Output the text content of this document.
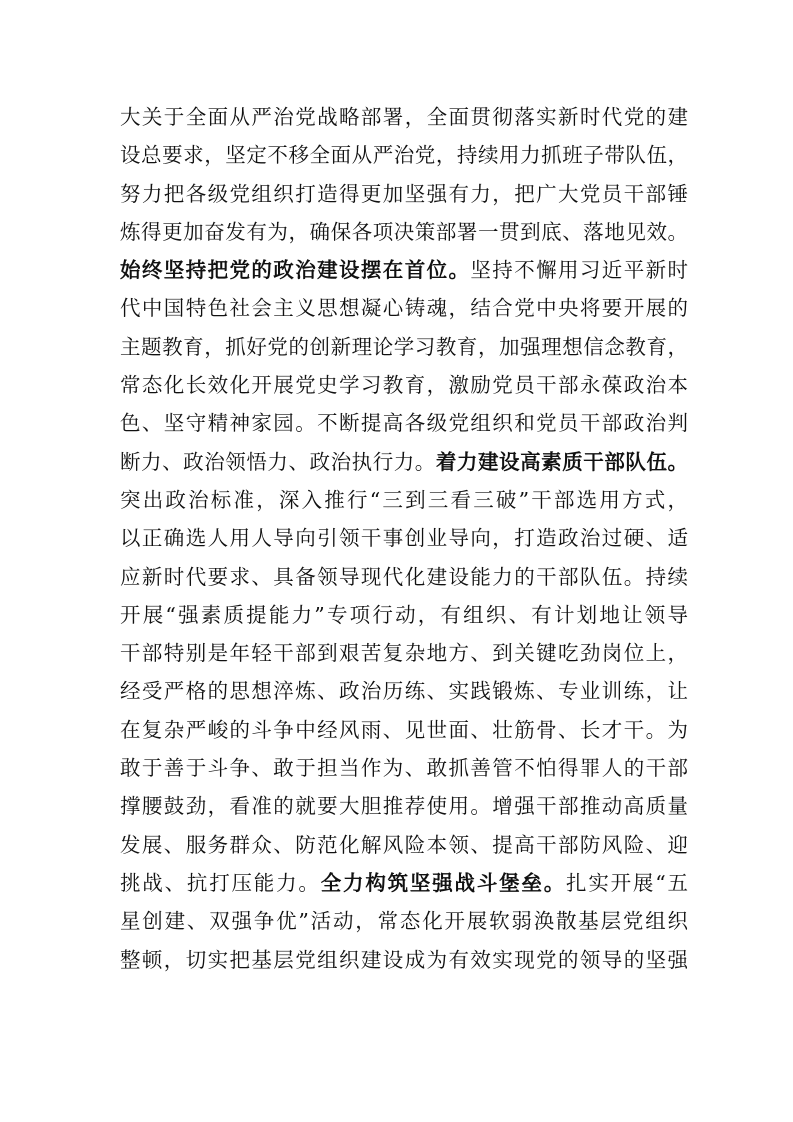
大关于全面从严治党战略部署，全面贯彻落实新时代党的建
设总要求，坚定不移全面从严治党，持续用力抓班子带队伍，
努力把各级党组织打造得更加坚强有力，把广大党员干部锤
炼得更加奋发有为，确保各项决策部署一贯到底、落地见效。
始终坚持把党的政治建设摆在首位。坚持不懈用习近平新时
代中国特色社会主义思想凝心铸魂，结合党中央将要开展的
主题教育，抓好党的创新理论学习教育，加强理想信念教育，
常态化长效化开展党史学习教育，激励党员干部永葆政治本
色、坚守精神家园。不断提高各级党组织和党员干部政治判
断力、政治领悟力、政治执行力。着力建设高素质干部队伍。
突出政治标准，深入推行“三到三看三破”干部选用方式，
以正确选人用人导向引领干事创业导向，打造政治过硬、适
应新时代要求、具备领导现代化建设能力的干部队伍。持续
开展“强素质提能力”专项行动，有组织、有计划地让领导
干部特别是年轻干部到艰苦复杂地方、到关键吃劲岗位上，
经受严格的思想淬炼、政治历练、实践锻炼、专业训练，让
在复杂严峻的斗争中经风雨、见世面、壮筋骨、长才干。为
敢于善于斗争、敢于担当作为、敢抓善管不怕得罪人的干部
撑腰鼓劲，看准的就要大胆推荐使用。增强干部推动高质量
发展、服务群众、防范化解风险本领、提高干部防风险、迎
挑战、抗打压能力。全力构筑坚强战斗堡垒。扎实开展“五
星创建、双强争优”活动，常态化开展软弱涣散基层党组织
整顿，切实把基层党组织建设成为有效实现党的领导的坚强
